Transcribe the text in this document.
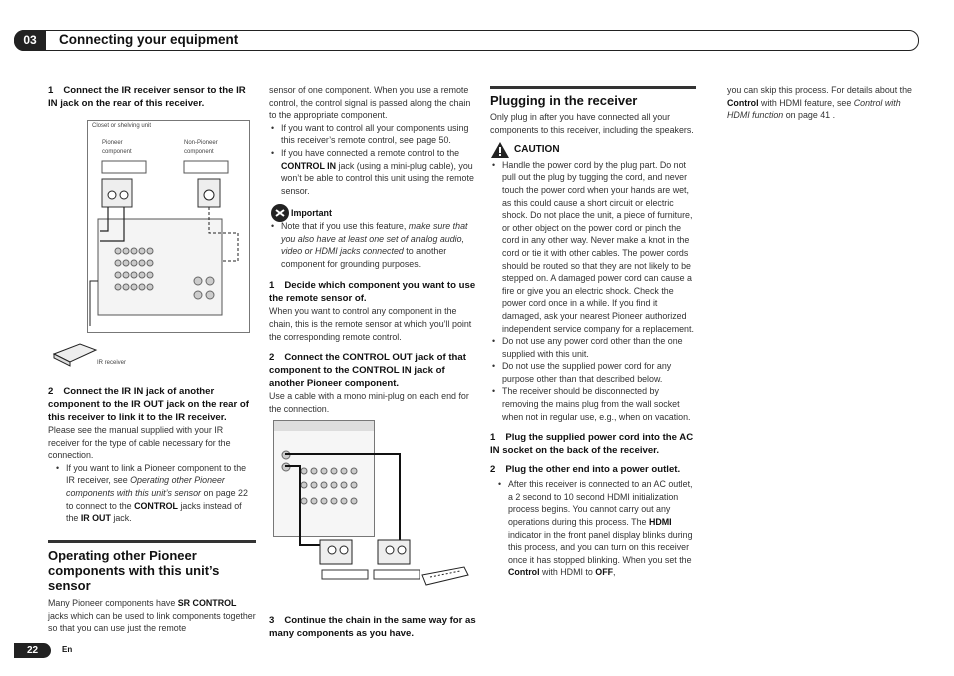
03	Connecting your equipment

1 Connect the IR receiver sensor to the IR IN jack on the rear of this receiver.

Closet or shelving unit
Pioneer component
Non-Pioneer component
IR receiver

2 Connect the IR IN jack of another component to the IR OUT jack on the rear of this receiver to link it to the IR receiver.

Please see the manual supplied with your IR receiver for the type of cable necessary for the connection.

• If you want to link a Pioneer component to the IR receiver, see Operating other Pioneer components with this unit’s sensor on page 22 to connect to the CONTROL jacks instead of the IR OUT jack.
Operating other Pioneer components with this unit’s sensor

Many Pioneer components have SR CONTROL jacks which can be used to link components together so that you can use just the remote

sensor of one component. When you use a remote control, the control signal is passed along the chain to the appropriate component.

• If you want to control all your components using this receiver’s remote control, see page 50.
• If you have connected a remote control to the CONTROL IN jack (using a mini-plug cable), you won’t be able to control this unit using the remote sensor.

Important

• Note that if you use this feature, make sure that you also have at least one set of analog audio, video or HDMI jacks connected to another component for grounding purposes.

1 Decide which component you want to use the remote sensor of.

When you want to control any component in the chain, this is the remote sensor at which you’ll point the corresponding remote control.

2 Connect the CONTROL OUT jack of that component to the CONTROL IN jack of another Pioneer component.

Use a cable with a mono mini-plug on each end for the connection.

3 Continue the chain in the same way for as many components as you have.

Plugging in the receiver

Only plug in after you have connected all your components to this receiver, including the speakers.

CAUTION

• Handle the power cord by the plug part. Do not pull out the plug by tugging the cord, and never touch the power cord when your hands are wet, as this could cause a short circuit or electric shock. Do not place the unit, a piece of furniture, or other object on the power cord or pinch the cord in any other way. Never make a knot in the cord or tie it with other cables. The power cords should be routed so that they are not likely to be stepped on. A damaged power cord can cause a fire or give you an electric shock. Check the power cord once in a while. If you find it damaged, ask your nearest Pioneer authorized independent service company for a replacement.
• Do not use any power cord other than the one supplied with this unit.
• Do not use the supplied power cord for any purpose other than that described below.
• The receiver should be disconnected by removing the mains plug from the wall socket when not in regular use, e.g., when on vacation.

1 Plug the supplied power cord into the AC IN socket on the back of the receiver.

2 Plug the other end into a power outlet.

• After this receiver is connected to an AC outlet, a 2 second to 10 second HDMI initialization process begins. You cannot carry out any operations during this process. The HDMI indicator in the front panel display blinks during this process, and you can turn on this receiver once it has stopped blinking. When you set the Control with HDMI to OFF,

you can skip this process. For details about the Control with HDMI feature, see Control with HDMI function on page 41 .

22	En
